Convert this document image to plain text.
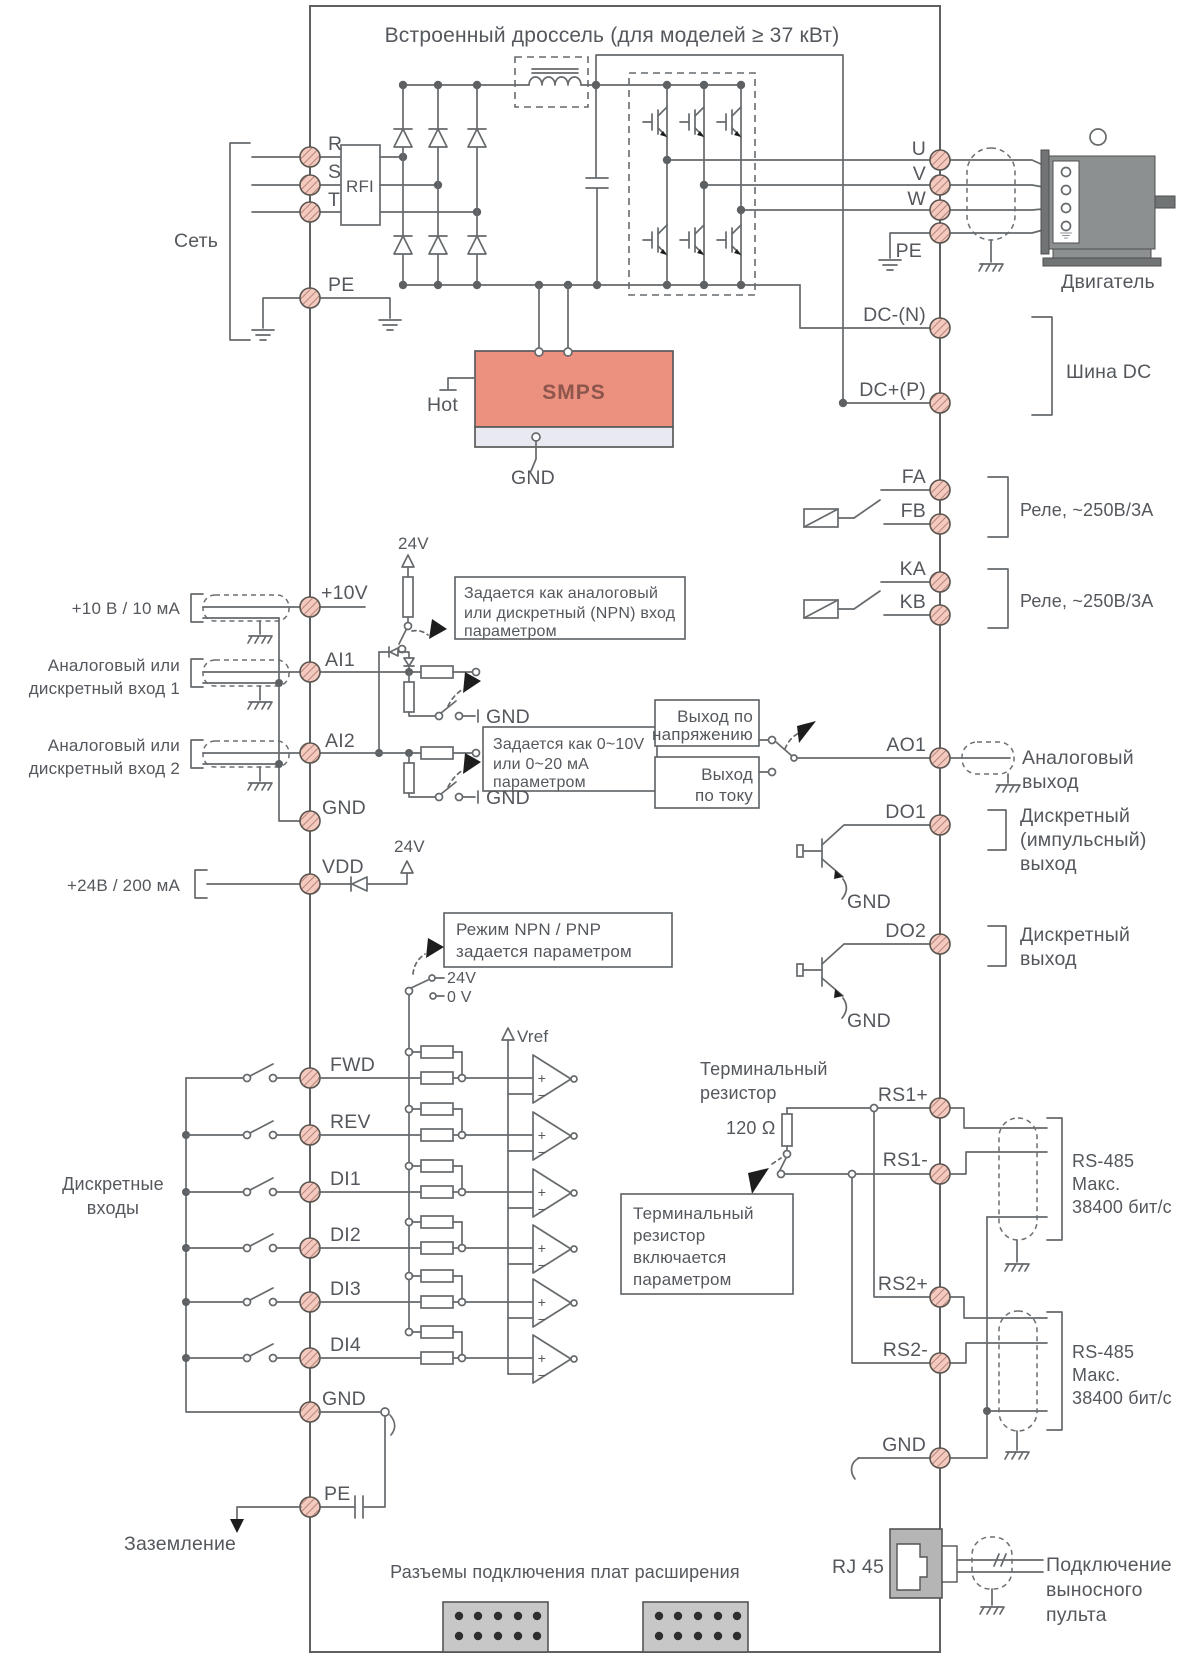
Встроенный дроссель (для моделей ≥ 37 кВт)
Сеть
R
S
T
PE
RFI
U
V
W
PE
Двигатель
DC-(N)
DC+(P)
Шина DC
SMPS
Hot
GND	FA
FB
KA
KB
Реле, ~250В/3А
Реле, ~250В/3А
+10 В / 10 мА
Аналоговый или
дискретный вход 1
Аналоговый или
дискретный вход 2
+10V
AI1
AI2
GND
24V
GND
GND
Задается как аналоговый
или дискретный (NPN) вход
параметром
Задается как 0~10V
или 0~20 мА
параметром
Выход по
напряжению
Выход
по току
AO1
Аналоговый
выход
DO1	Дискретный
(импульсный)
выход
GND
DO2	Дискретный
выход
GND
+24В / 200 мА
VDD
24V
Режим NPN / PNP
задается параметром
24V
0 V
FWD
REV
DI1
DI2
DI3
DI4
+
−
+
−
+
−
+
−
+
−
+
−
Vref
Дискретные
входы
GND
PE
Заземление
Терминальный
резистор
120 Ω
Терминальный
резистор
включается
параметром
RS1+
RS1-
RS2+
RS2-
GND
RS-485
Макс.
38400 бит/с
RS-485
Макс.
38400 бит/с
RJ 45	Подключение
выносного
пульта
Разъемы подключения плат расширения
